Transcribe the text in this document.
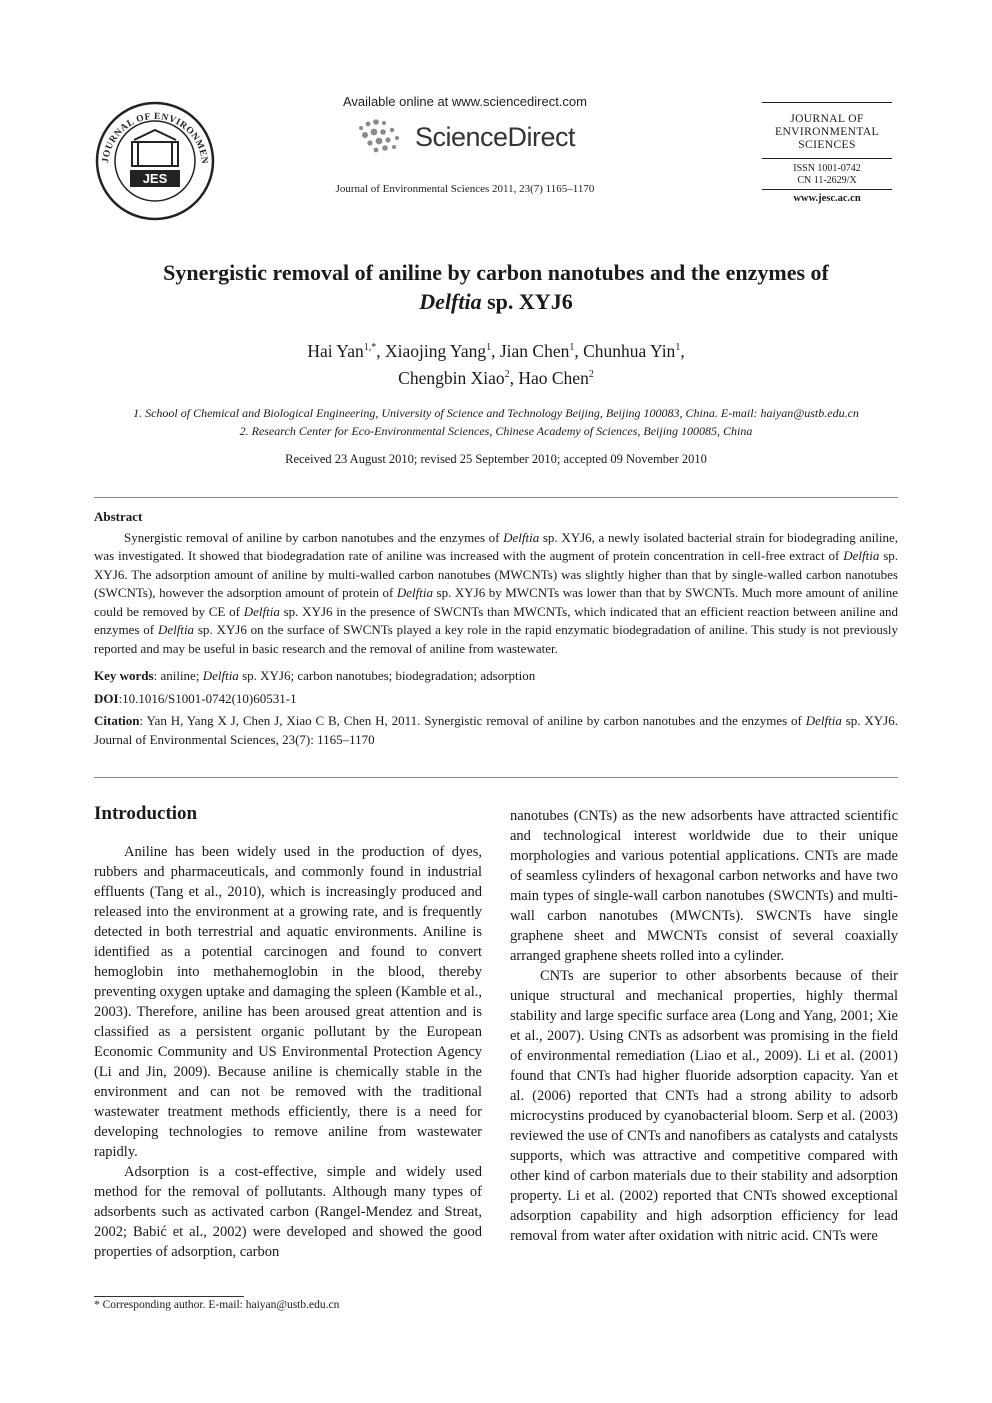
JOURNAL OF ENVIRONMEN
JES
Available online at www.sciencedirect.com
ScienceDirect
Journal of Environmental Sciences 2011, 23(7) 1165–1170
JOURNAL OF
ENVIRONMENTAL
SCIENCES
ISSN 1001-0742
CN 11-2629/X
www.jesc.ac.cn
Synergistic removal of aniline by carbon nanotubes and the enzymes of
Delftia sp. XYJ6
Hai Yan$^{1,*}$, Xiaojing Yang$^1$, Jian Chen$^1$, Chunhua Yin$^1$,
Chengbin Xiao$^2$, Hao Chen$^2$
1. School of Chemical and Biological Engineering, University of Science and Technology Beijing, Beijing 100083, China. E-mail: haiyan@ustb.edu.cn
2. Research Center for Eco-Environmental Sciences, Chinese Academy of Sciences, Beijing 100085, China
Received 23 August 2010; revised 25 September 2010; accepted 09 November 2010
Abstract
Synergistic removal of aniline by carbon nanotubes and the enzymes of Delftia sp. XYJ6, a newly isolated bacterial strain for biodegrading aniline, was investigated. It showed that biodegradation rate of aniline was increased with the augment of protein concentration in cell-free extract of Delftia sp. XYJ6. The adsorption amount of aniline by multi-walled carbon nanotubes (MWCNTs) was slightly higher than that by single-walled carbon nanotubes (SWCNTs), however the adsorption amount of protein of Delftia sp. XYJ6 by MWCNTs was lower than that by SWCNTs. Much more amount of aniline could be removed by CE of Delftia sp. XYJ6 in the presence of SWCNTs than MWCNTs, which indicated that an efficient reaction between aniline and enzymes of Delftia sp. XYJ6 on the surface of SWCNTs played a key role in the rapid enzymatic biodegradation of aniline. This study is not previously reported and may be useful in basic research and the removal of aniline from wastewater.
Key words: aniline; Delftia sp. XYJ6; carbon nanotubes; biodegradation; adsorption
DOI:10.1016/S1001-0742(10)60531-1
Citation: Yan H, Yang X J, Chen J, Xiao C B, Chen H, 2011. Synergistic removal of aniline by carbon nanotubes and the enzymes of Delftia sp. XYJ6. Journal of Environmental Sciences, 23(7): 1165–1170
Introduction

Aniline has been widely used in the production of dyes, rubbers and pharmaceuticals, and commonly found in industrial effluents (Tang et al., 2010), which is increasingly produced and released into the environment at a growing rate, and is frequently detected in both terrestrial and aquatic environments. Aniline is identified as a potential carcinogen and found to convert hemoglobin into methahemoglobin in the blood, thereby preventing oxygen uptake and damaging the spleen (Kamble et al., 2003). Therefore, aniline has been aroused great attention and is classified as a persistent organic pollutant by the European Economic Community and US Environmental Protection Agency (Li and Jin, 2009). Because aniline is chemically stable in the environment and can not be removed with the traditional wastewater treatment methods efficiently, there is a need for developing technologies to remove aniline from wastewater rapidly.

Adsorption is a cost-effective, simple and widely used method for the removal of pollutants. Although many types of adsorbents such as activated carbon (Rangel-Mendez and Streat, 2002; Babić et al., 2002) were developed and showed the good properties of adsorption, carbon

nanotubes (CNTs) as the new adsorbents have attracted scientific and technological interest worldwide due to their unique morphologies and various potential applications. CNTs are made of seamless cylinders of hexagonal carbon networks and have two main types of single-wall carbon nanotubes (SWCNTs) and multi-wall carbon nanotubes (MWCNTs). SWCNTs have single graphene sheet and MWCNTs consist of several coaxially arranged graphene sheets rolled into a cylinder.

CNTs are superior to other absorbents because of their unique structural and mechanical properties, highly thermal stability and large specific surface area (Long and Yang, 2001; Xie et al., 2007). Using CNTs as adsorbent was promising in the field of environmental remediation (Liao et al., 2009). Li et al. (2001) found that CNTs had higher fluoride adsorption capacity. Yan et al. (2006) reported that CNTs had a strong ability to adsorb microcystins produced by cyanobacterial bloom. Serp et al. (2003) reviewed the use of CNTs and nanofibers as catalysts and catalysts supports, which was attractive and competitive compared with other kind of carbon materials due to their stability and adsorption property. Li et al. (2002) reported that CNTs showed exceptional adsorption capability and high adsorption efficiency for lead removal from water after oxidation with nitric acid. CNTs were

* Corresponding author. E-mail: haiyan@ustb.edu.cn
